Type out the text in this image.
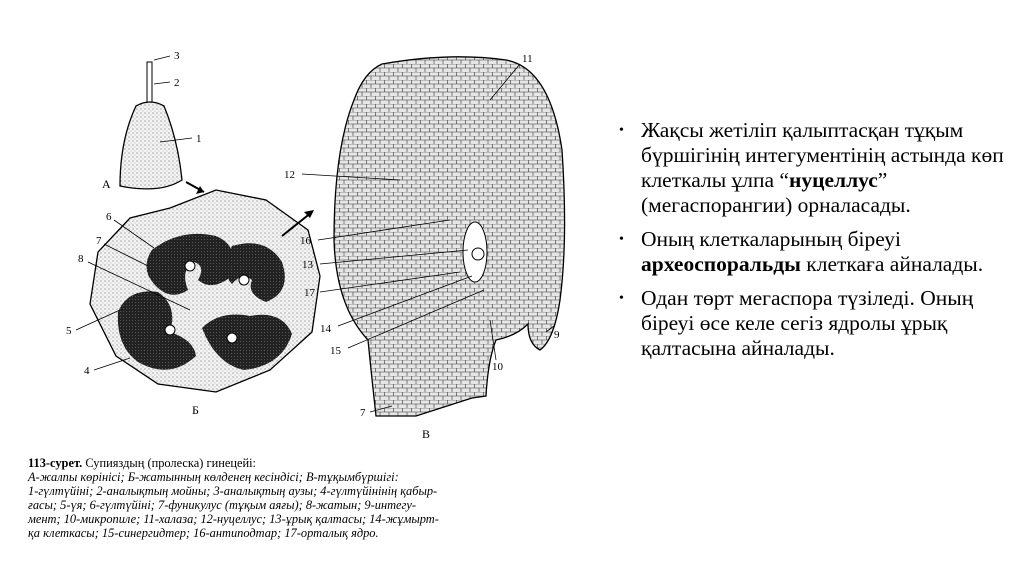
3
2
1
А
6
7
8
5
4
Б
11
12
16
13
17
14
15
10
9
7
В
113-сурет. Супияздың (пролеска) гинецейі:
А-жалпы көрінісі; Б-жатынның көлденең кесіндісі; В-тұқымбүршігі:
1-гүлтүйіні; 2-аналықтың мойны; 3-аналықтың аузы; 4-гүлтүйінінің қабыр-
ғасы; 5-үя; 6-гүлтүйіні; 7-фуникулус (тұқым аяғы); 8-жатын; 9-интегу-
мент; 10-микропиле; 11-халаза; 12-нуцеллус; 13-ұрық қалтасы; 14-жұмырт-
қа клеткасы; 15-синергидтер; 16-антиподтар; 17-орталық ядро.
• Жақсы жетіліп қалыптасқан тұқым бүршігінің интегументінің астында көп клеткалы ұлпа “нуцеллус” (мегаспорангии) орналасады.
• Оның клеткаларының біреуі археоспоральды клеткаға айналады.
• Одан төрт мегаспора түзіледі. Оның біреуі өсе келе сегіз ядролы ұрық қалтасына айналады.
